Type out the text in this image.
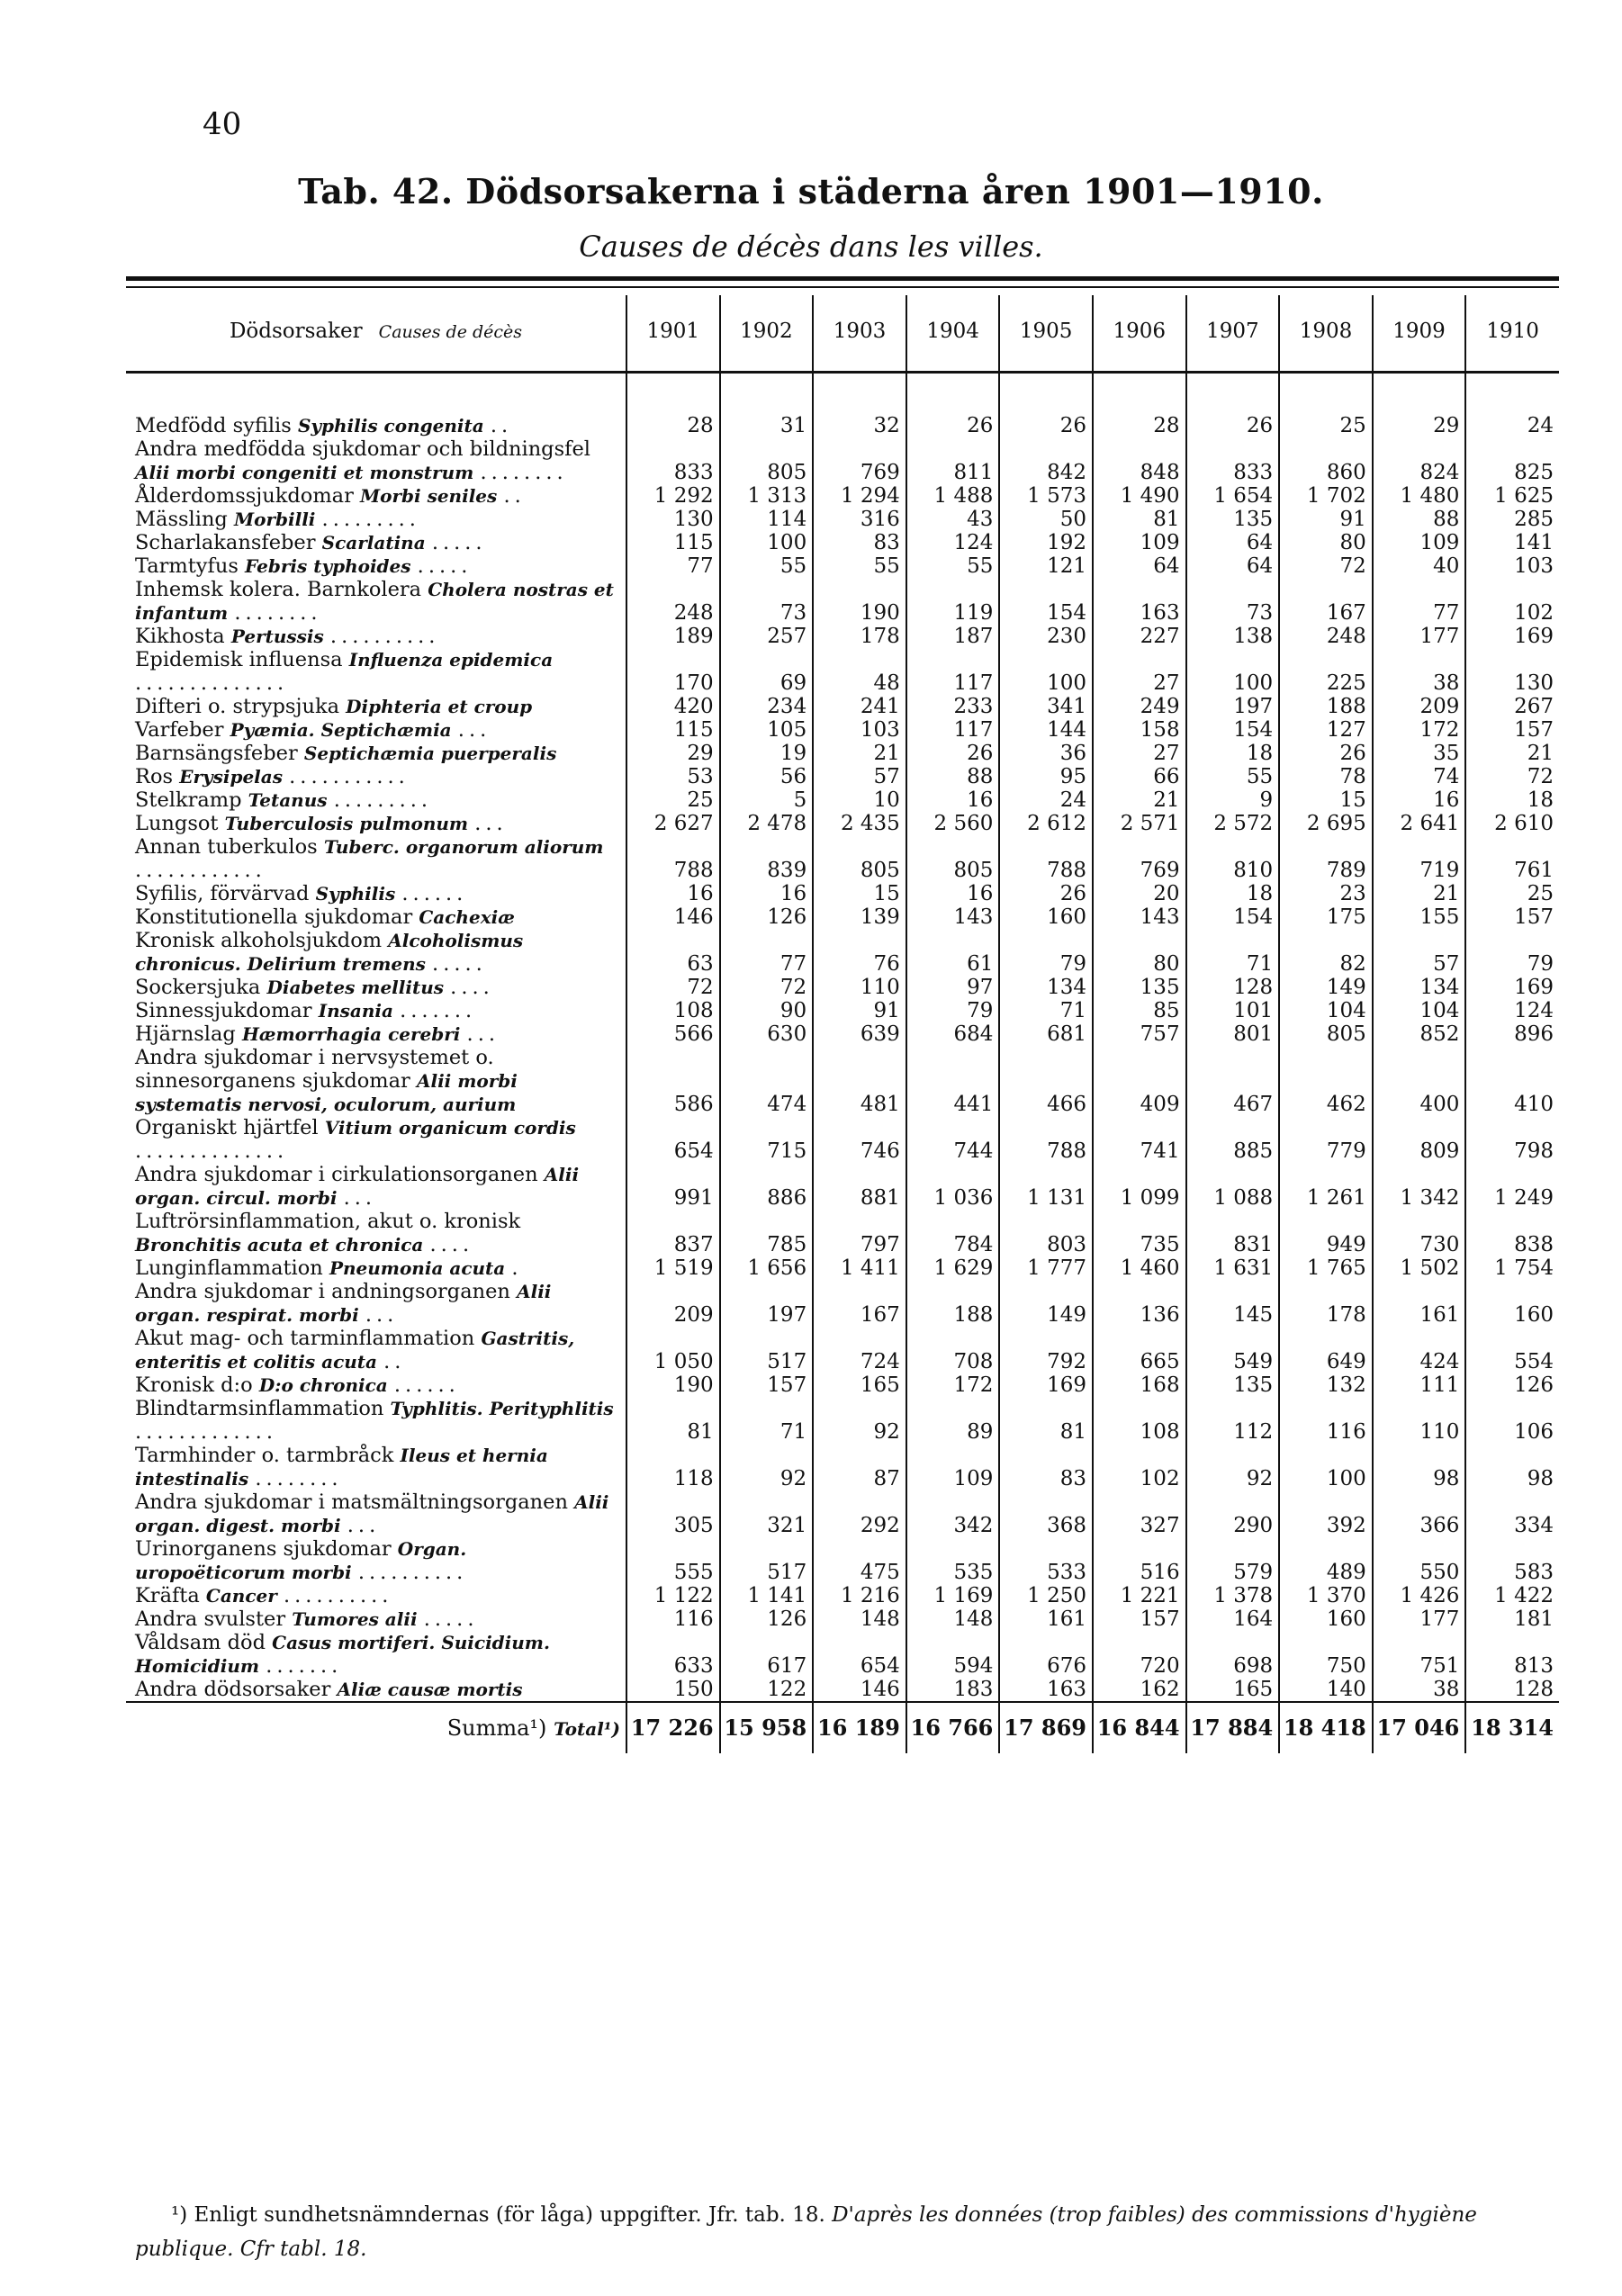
40
Tab. 42. Dödsorsakerna i städerna åren 1901—1910.
Causes de décès dans les villes.
Dödsorsaker Causes de décès	1901	1902	1903	1904	1905	1906	1907	1908	1909	1910

Medfödd syfilis Syphilis congenita ..	28	31	32	26	26	28	26	25	29	24
Andra medfödda sjukdomar och bildningsfel Alii morbi congeniti et monstrum ........	833	805	769	811	842	848	833	860	824	825
Ålderdomssjukdomar Morbi seniles ..	1 292	1 313	1 294	1 488	1 573	1 490	1 654	1 702	1 480	1 625
Mässling Morbilli .........	130	114	316	43	50	81	135	91	88	285
Scharlakansfeber Scarlatina .....	115	100	83	124	192	109	64	80	109	141
Tarmtyfus Febris typhoides .....	77	55	55	55	121	64	64	72	40	103
Inhemsk kolera. Barnkolera Cholera nostras et infantum ........	248	73	190	119	154	163	73	167	77	102
Kikhosta Pertussis ..........	189	257	178	187	230	227	138	248	177	169
Epidemisk influensa Influenza epidemica ..............	170	69	48	117	100	27	100	225	38	130
Difteri o. strypsjuka Diphteria et croup	420	234	241	233	341	249	197	188	209	267
Varfeber Pyæmia. Septichæmia ...	115	105	103	117	144	158	154	127	172	157
Barnsängsfeber Septichæmia puerperalis	29	19	21	26	36	27	18	26	35	21
Ros Erysipelas ...........	53	56	57	88	95	66	55	78	74	72
Stelkramp Tetanus .........	25	5	10	16	24	21	9	15	16	18
Lungsot Tuberculosis pulmonum ...	2 627	2 478	2 435	2 560	2 612	2 571	2 572	2 695	2 641	2 610
Annan tuberkulos Tuberc. organorum aliorum ............	788	839	805	805	788	769	810	789	719	761
Syfilis, förvärvad Syphilis ......	16	16	15	16	26	20	18	23	21	25
Konstitutionella sjukdomar Cachexiæ	146	126	139	143	160	143	154	175	155	157
Kronisk alkoholsjukdom Alcoholismus chronicus. Delirium tremens .....	63	77	76	61	79	80	71	82	57	79
Sockersjuka Diabetes mellitus ....	72	72	110	97	134	135	128	149	134	169
Sinnessjukdomar Insania .......	108	90	91	79	71	85	101	104	104	124
Hjärnslag Hæmorrhagia cerebri ...	566	630	639	684	681	757	801	805	852	896
Andra sjukdomar i nervsystemet o. sinnesorganens sjukdomar Alii morbi systematis nervosi, oculorum, aurium	586	474	481	441	466	409	467	462	400	410
Organiskt hjärtfel Vitium organicum cordis ..............	654	715	746	744	788	741	885	779	809	798
Andra sjukdomar i cirkulationsorganen Alii organ. circul. morbi ...	991	886	881	1 036	1 131	1 099	1 088	1 261	1 342	1 249
Luftrörsinflammation, akut o. kronisk Bronchitis acuta et chronica ....	837	785	797	784	803	735	831	949	730	838
Lunginflammation Pneumonia acuta .	1 519	1 656	1 411	1 629	1 777	1 460	1 631	1 765	1 502	1 754
Andra sjukdomar i andningsorganen Alii organ. respirat. morbi ...	209	197	167	188	149	136	145	178	161	160
Akut mag- och tarminflammation Gastritis, enteritis et colitis acuta ..	1 050	517	724	708	792	665	549	649	424	554
Kronisk d:o D:o chronica ......	190	157	165	172	169	168	135	132	111	126
Blindtarmsinflammation Typhlitis. Perityphlitis .............	81	71	92	89	81	108	112	116	110	106
Tarmhinder o. tarmbråck Ileus et hernia intestinalis ........	118	92	87	109	83	102	92	100	98	98
Andra sjukdomar i matsmältningsorganen Alii organ. digest. morbi ...	305	321	292	342	368	327	290	392	366	334
Urinorganens sjukdomar Organ. uropoëticorum morbi ..........	555	517	475	535	533	516	579	489	550	583
Kräfta Cancer ..........	1 122	1 141	1 216	1 169	1 250	1 221	1 378	1 370	1 426	1 422
Andra svulster Tumores alii .....	116	126	148	148	161	157	164	160	177	181
Våldsam död Casus mortiferi. Suicidium. Homicidium .......	633	617	654	594	676	720	698	750	751	813
Andra dödsorsaker Aliæ causæ mortis	150	122	146	183	163	162	165	140	38	128
Summa¹) Total¹)	17 226	15 958	16 189	16 766	17 869	16 844	17 884	18 418	17 046	18 314
¹) Enligt sundhetsnämndernas (för låga) uppgifter. Jfr. tab. 18. D'après les données (trop faibles) des commissions d'hygiène publique. Cfr tabl. 18.
